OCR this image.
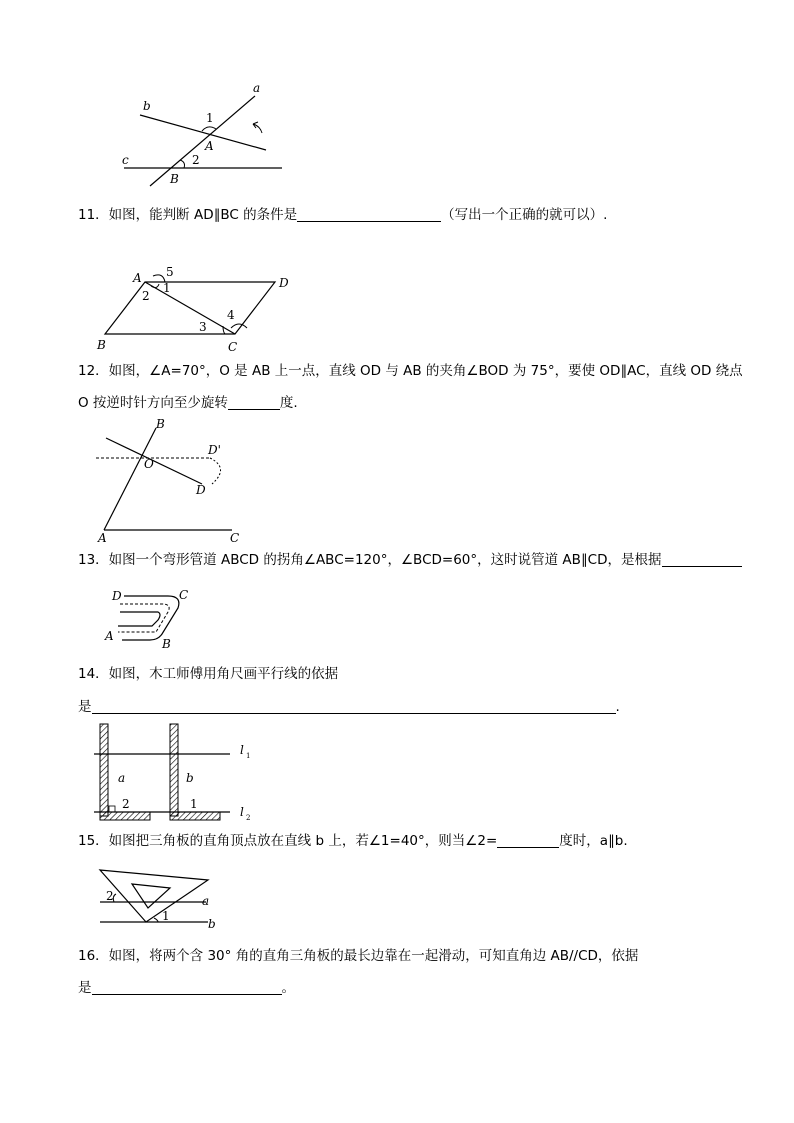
a
b
c
A
B
1
2
11．如图，能判断 AD∥BC 的条件是	（写出一个正确的就可以）.
A	D
B	C
5
1
2
3
4
12．如图，∠A=70°，O 是 AB 上一点，直线 OD 与 AB 的夹角∠BOD 为 75°，要使 OD∥AC，直线 OD 绕点
O 按逆时针方向至少旋转	度.
B
O
D'
D
A	C
13．如图一个弯形管道 ABCD 的拐角∠ABC=120°，∠BCD=60°，这时说管道 AB∥CD，是根据
D	C
A
B
14．如图，木工师傅用角尺画平行线的依据
是	.
a	b
2	1
l 1
l 2
15．如图把三角板的直角顶点放在直线 b 上，若∠1=40°，则当∠2=	度时，a∥b.
2
1
a
b
16．如图，将两个含 30° 角的直角三角板的最长边靠在一起滑动，可知直角边 AB//CD，依据
是	。
